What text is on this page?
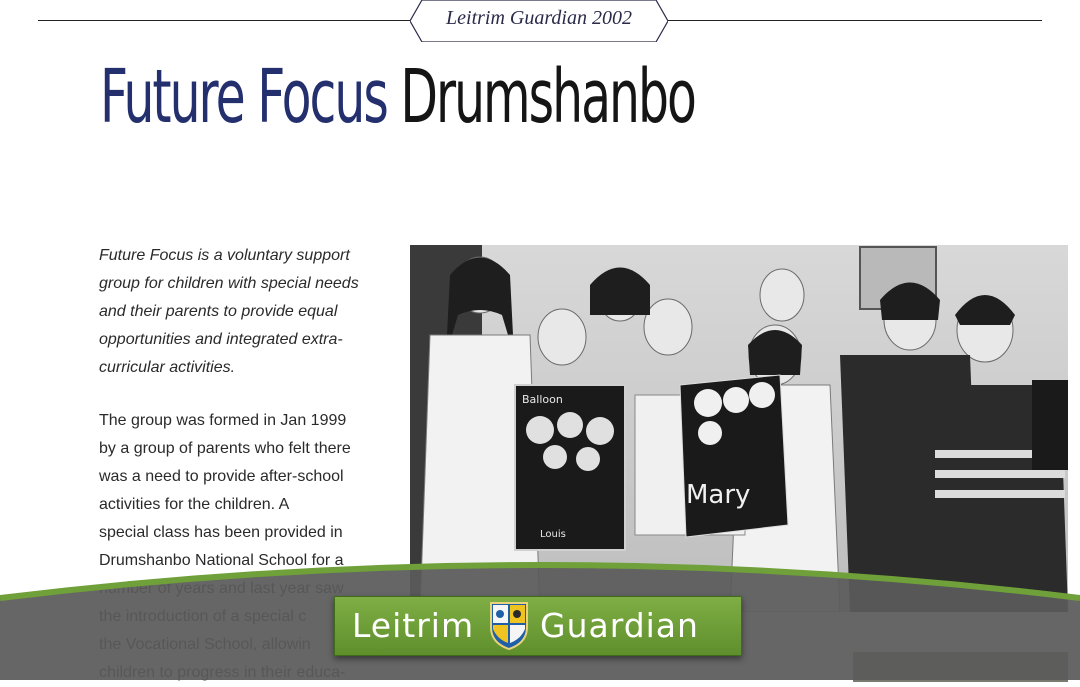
Leitrim Guardian 2002
Future Focus Drumshanbo
Future Focus is a voluntary support
group for children with special needs
and their parents to provide equal
opportunities and integrated extra-
curricular activities.
The group was formed in Jan 1999
by a group of parents who felt there
was a need to provide after-school
activities for the children. A
special class has been provided in
Drumshanbo National School for a
Balloon
Louis
Mary
Leitrim Guardian
